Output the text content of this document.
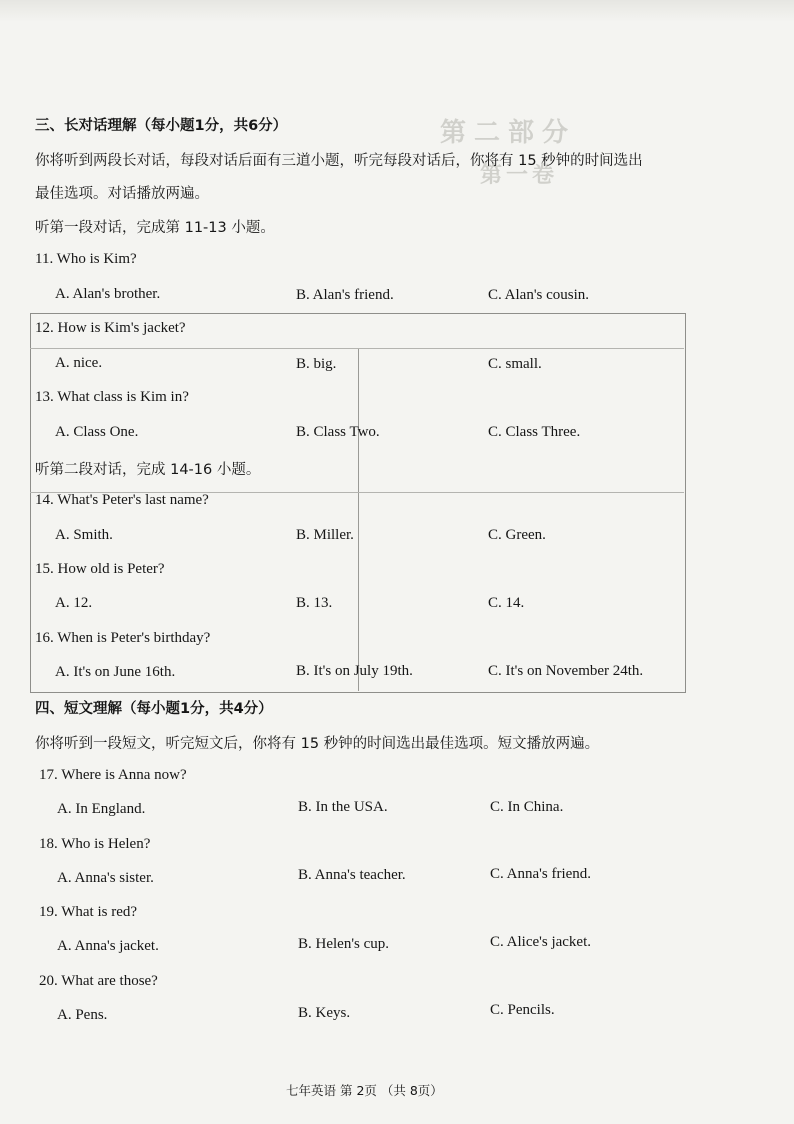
第二部分
第一卷
三、长对话理解（每小题1分，共6分）
你将听到两段长对话，每段对话后面有三道小题，听完每段对话后，你将有 15 秒钟的时间选出
最佳选项。对话播放两遍。
听第一段对话，完成第 11-13 小题。
11. Who is Kim?
A. Alan's brother.	B. Alan's friend.	C. Alan's cousin.
12. How is Kim's jacket?
A. nice.	B. big.	C. small.
13. What class is Kim in?
A. Class One.	B. Class Two.	C. Class Three.
听第二段对话，完成 14-16 小题。
14. What's Peter's last name?
A. Smith.	B. Miller.	C. Green.
15. How old is Peter?
A. 12.	B. 13.	C. 14.
16. When is Peter's birthday?
A. It's on June 16th.	B. It's on July 19th.	C. It's on November 24th.
四、短文理解（每小题1分，共4分）
你将听到一段短文，听完短文后，你将有 15 秒钟的时间选出最佳选项。短文播放两遍。
17. Where is Anna now?
A. In England.	B. In the USA.	C. In China.
18. Who is Helen?
A. Anna's sister.	B. Anna's teacher.	C. Anna's friend.
19. What is red?
A. Anna's jacket.	B. Helen's cup.	C. Alice's jacket.
20. What are those?
A. Pens.	B. Keys.	C. Pencils.
七年英语 第 2页 （共 8页）
